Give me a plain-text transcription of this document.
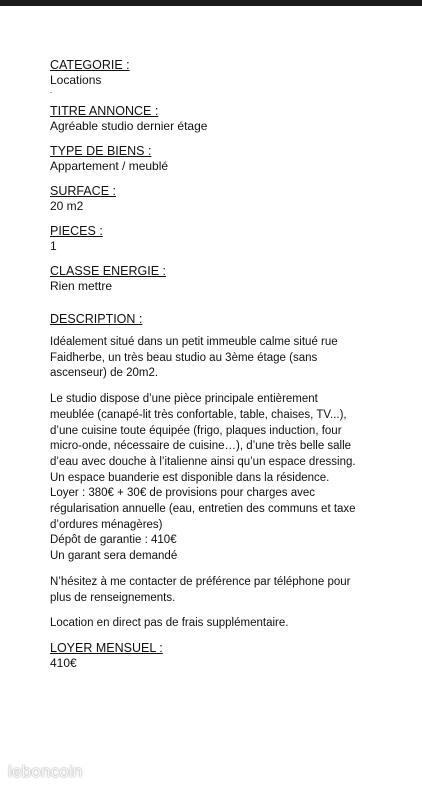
CATEGORIE :
Locations
.
TITRE ANNONCE :
Agréable studio dernier étage
TYPE DE BIENS :
Appartement / meublé
SURFACE :
20 m2
PIECES :
1
CLASSE ENERGIE :
Rien mettre
DESCRIPTION :
Idéalement situé dans un petit immeuble calme situé rue
Faidherbe, un très beau studio au 3ème étage (sans
ascenseur) de 20m2.
Le studio dispose d’une pièce principale entièrement
meublée (canapé-lit très confortable, table, chaises, TV...),
d’une cuisine toute équipée (frigo, plaques induction, four
micro-onde, nécessaire de cuisine…), d’une très belle salle
d’eau avec douche à l’italienne ainsi qu’un espace dressing.
Un espace buanderie est disponible dans la résidence.
Loyer : 380€ + 30€ de provisions pour charges avec
régularisation annuelle (eau, entretien des communs et taxe
d’ordures ménagères)
Dépôt de garantie : 410€
Un garant sera demandé
N’hésitez à me contacter de préférence par téléphone pour
plus de renseignements.
Location en direct pas de frais supplémentaire.
LOYER MENSUEL :
410€
leboncoin
